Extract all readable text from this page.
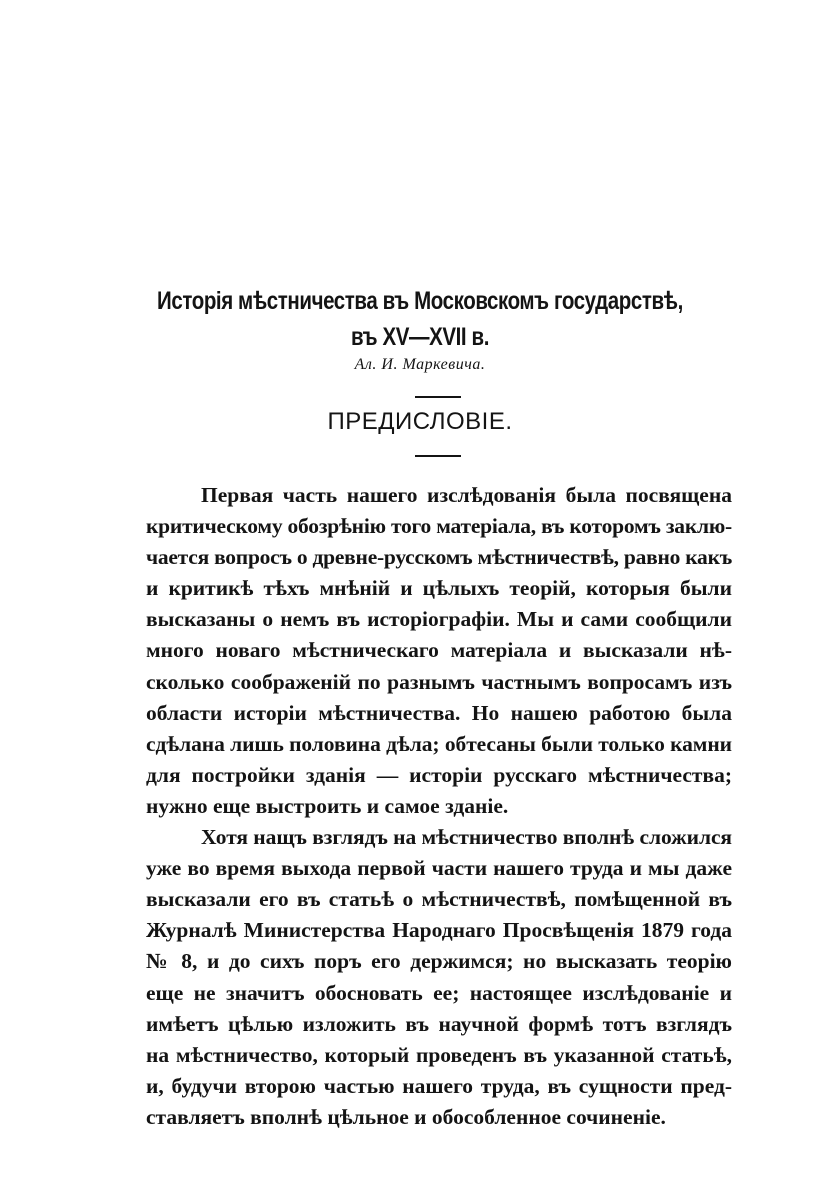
Исторія мѣстничества въ Московскомъ государствѣ,
въ XV—XVII в.
Ал. И. Маркевича.
ПРЕДИСЛОВІЕ.
Первая часть нашего изслѣдованія была посвящена
критическому обозрѣнію того матеріала, въ которомъ заклю-
чается вопросъ о древне-русскомъ мѣстничествѣ, равно какъ
и критикѣ тѣхъ мнѣній и цѣлыхъ теорій, которыя были
высказаны о немъ въ исторіографіи. Мы и сами сообщили
много новаго мѣстническаго матеріала и высказали нѣ-
сколько соображеній по разнымъ частнымъ вопросамъ изъ
области исторіи мѣстничества. Но нашею работою была
сдѣлана лишь половина дѣла; обтесаны были только камни
для постройки зданія — исторіи русскаго мѣстничества;
нужно еще выстроить и самое зданіе.
Хотя нащъ взглядъ на мѣстничество вполнѣ сложился
уже во время выхода первой части нашего труда и мы даже
высказали его въ статьѣ о мѣстничествѣ, помѣщенной въ
Журналѣ Министерства Народнаго Просвѣщенія 1879 года
№ 8, и до сихъ поръ его держимся; но высказать теорію
еще не значитъ обосновать ее; настоящее изслѣдованіе и
имѣетъ цѣлью изложить въ научной формѣ тотъ взглядъ
на мѣстничество, который проведенъ въ указанной статьѣ,
и, будучи второю частью нашего труда, въ сущности пред-
ставляетъ вполнѣ цѣльное и обособленное сочиненіе.
